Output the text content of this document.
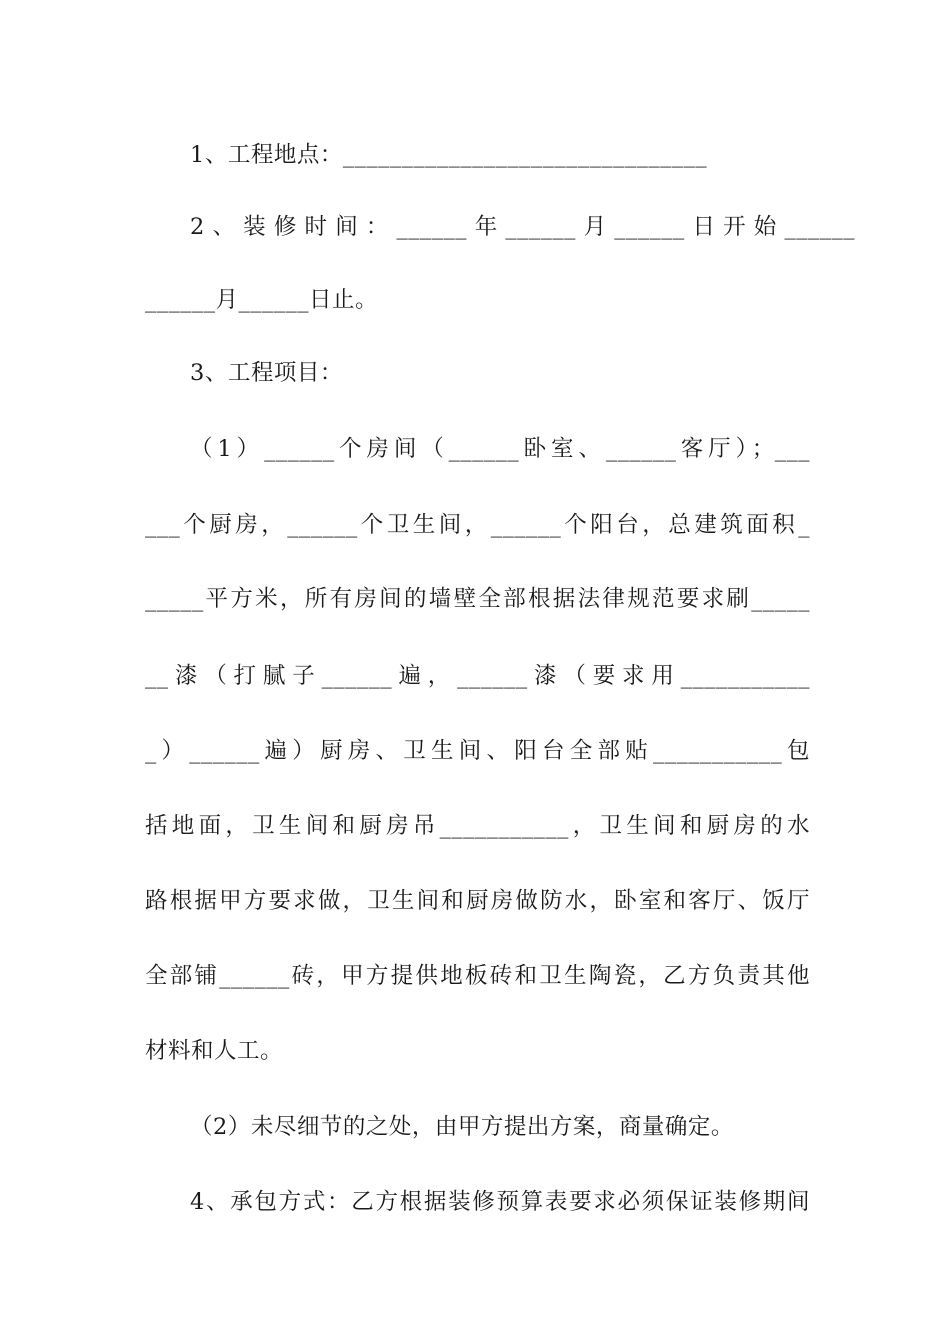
1、工程地点：_______________________________

2、装修时间：______年______月______日开始______

______月______日止。

3、工程项目：

（1）______个房间（______卧室、______客厅）；___

___个厨房，______个卫生间，______个阳台，总建筑面积_

_____平方米，所有房间的墙壁全部根据法律规范要求刷_____

__漆（打腻子______遍，______漆（要求用___________

_）______遍）厨房、卫生间、阳台全部贴___________包

括地面，卫生间和厨房吊___________，卫生间和厨房的水

路根据甲方要求做，卫生间和厨房做防水，卧室和客厅、饭厅

全部铺______砖，甲方提供地板砖和卫生陶瓷，乙方负责其他

材料和人工。

（2）未尽细节的之处，由甲方提出方案，商量确定。

4、承包方式：乙方根据装修预算表要求必须保证装修期间
